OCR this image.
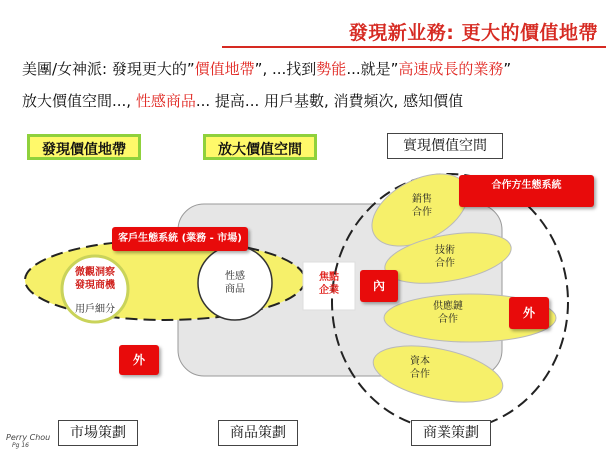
發現新业務: 更大的價值地帶
美團/女神派: 發現更大的”價值地帶”, ...找到勢能...就是”高速成長的業務”
放大價值空間..., 性感商品... 提高... 用戶基數, 消費頻次, 感知價值
發現價值地帶	放大價值空間	實現價值空間
客戶生態系統 (業務 - 市場)
微觀洞察
發現商機
用戶細分
外
性感
商品
焦點
企業	內
合作方生態系統
銷售
合作
技術
合作
供應鏈
合作
資本
合作
外
市場策劃	商品策劃	商業策劃
Perry Chou
Pg 16
